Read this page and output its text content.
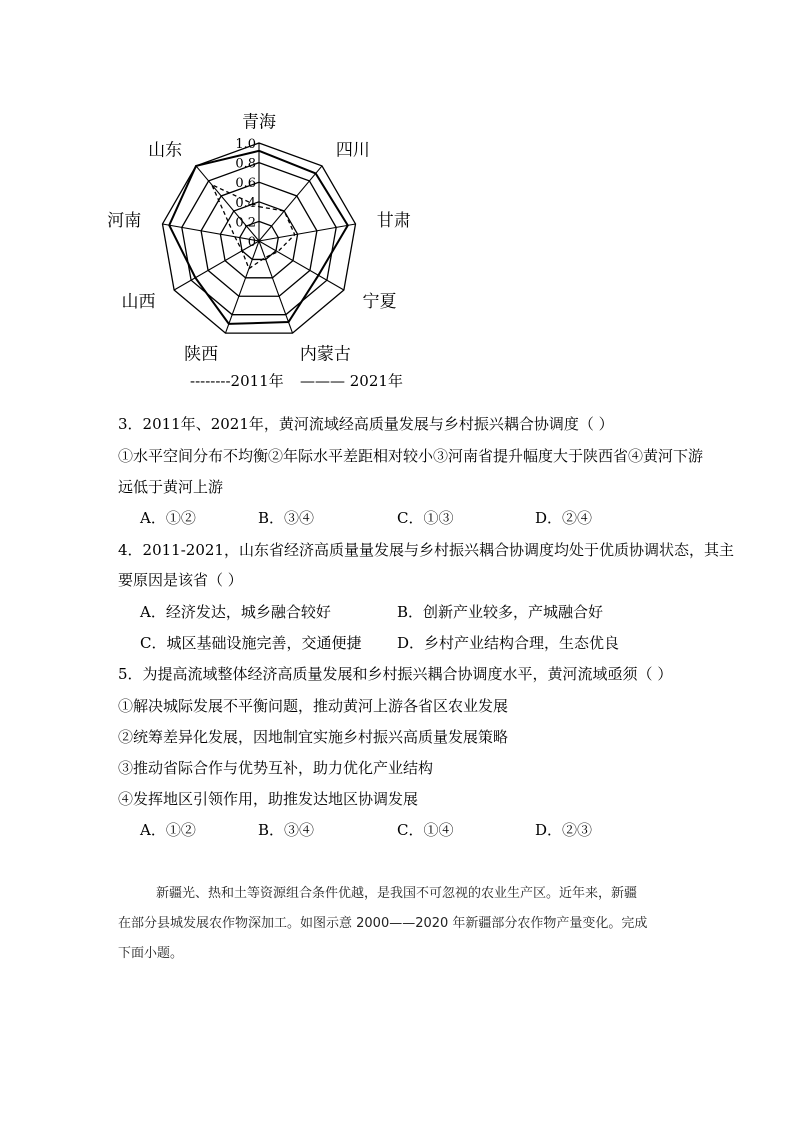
1.0
0.8
0.6
0.4
0.2
0
青海
四川
甘肃
宁夏
内蒙古
陕西
山西
河南
山东
--------2011年 ——— 2021年
3．2011年、2021年，黄河流域经高质量发展与乡村振兴耦合协调度（ ）
①水平空间分布不均衡②年际水平差距相对较小③河南省提升幅度大于陕西省④黄河下游
远低于黄河上游
A．①②	B．③④	C．①③	D．②④
4．2011-2021，山东省经济高质量量发展与乡村振兴耦合协调度均处于优质协调状态，其主
要原因是该省（ ）
A．经济发达，城乡融合较好	B．创新产业较多，产城融合好
C．城区基础设施完善，交通便捷 D．乡村产业结构合理，生态优良
5．为提高流域整体经济高质量发展和乡村振兴耦合协调度水平，黄河流域亟须（ ）
①解决城际发展不平衡问题，推动黄河上游各省区农业发展
②统筹差异化发展，因地制宜实施乡村振兴高质量发展策略
③推动省际合作与优势互补，助力优化产业结构
④发挥地区引领作用，助推发达地区协调发展
A．①②	B．③④	C．①④	D．②③
新疆光、热和土等资源组合条件优越，是我国不可忽视的农业生产区。近年来，新疆
在部分县城发展农作物深加工。如图示意 2000——2020 年新疆部分农作物产量变化。完成
下面小题。
